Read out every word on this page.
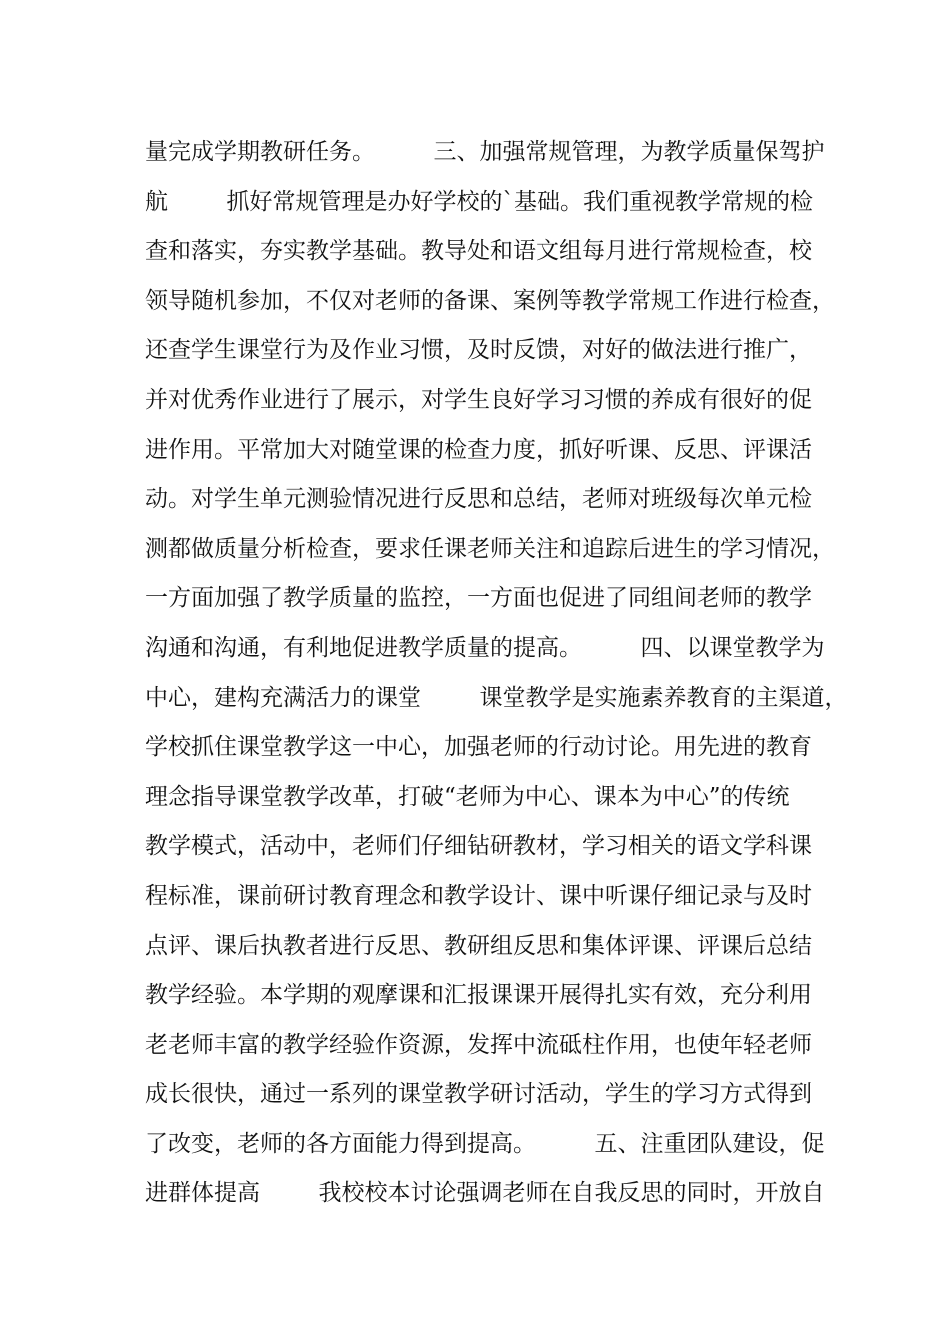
量完成学期教研任务。        三、加强常规管理，为教学质量保驾护
航        抓好常规管理是办好学校的`基础。我们重视教学常规的检
查和落实，夯实教学基础。教导处和语文组每月进行常规检查，校
领导随机参加，不仅对老师的备课、案例等教学常规工作进行检查，
还查学生课堂行为及作业习惯，及时反馈，对好的做法进行推广，
并对优秀作业进行了展示，对学生良好学习习惯的养成有很好的促
进作用。平常加大对随堂课的检查力度，抓好听课、反思、评课活
动。对学生单元测验情况进行反思和总结，老师对班级每次单元检
测都做质量分析检查，要求任课老师关注和追踪后进生的学习情况，
一方面加强了教学质量的监控，一方面也促进了同组间老师的教学
沟通和沟通，有利地促进教学质量的提高。        四、以课堂教学为
中心，建构充满活力的课堂        课堂教学是实施素养教育的主渠道，
学校抓住课堂教学这一中心，加强老师的行动讨论。用先进的教育
理念指导课堂教学改革，打破“老师为中心、课本为中心”的传统
教学模式，活动中，老师们仔细钻研教材，学习相关的语文学科课
程标准，课前研讨教育理念和教学设计、课中听课仔细记录与及时
点评、课后执教者进行反思、教研组反思和集体评课、评课后总结
教学经验。本学期的观摩课和汇报课课开展得扎实有效，充分利用
老老师丰富的教学经验作资源，发挥中流砥柱作用，也使年轻老师
成长很快，通过一系列的课堂教学研讨活动，学生的学习方式得到
了改变，老师的各方面能力得到提高。        五、注重团队建设，促
进群体提高        我校校本讨论强调老师在自我反思的同时，开放自
